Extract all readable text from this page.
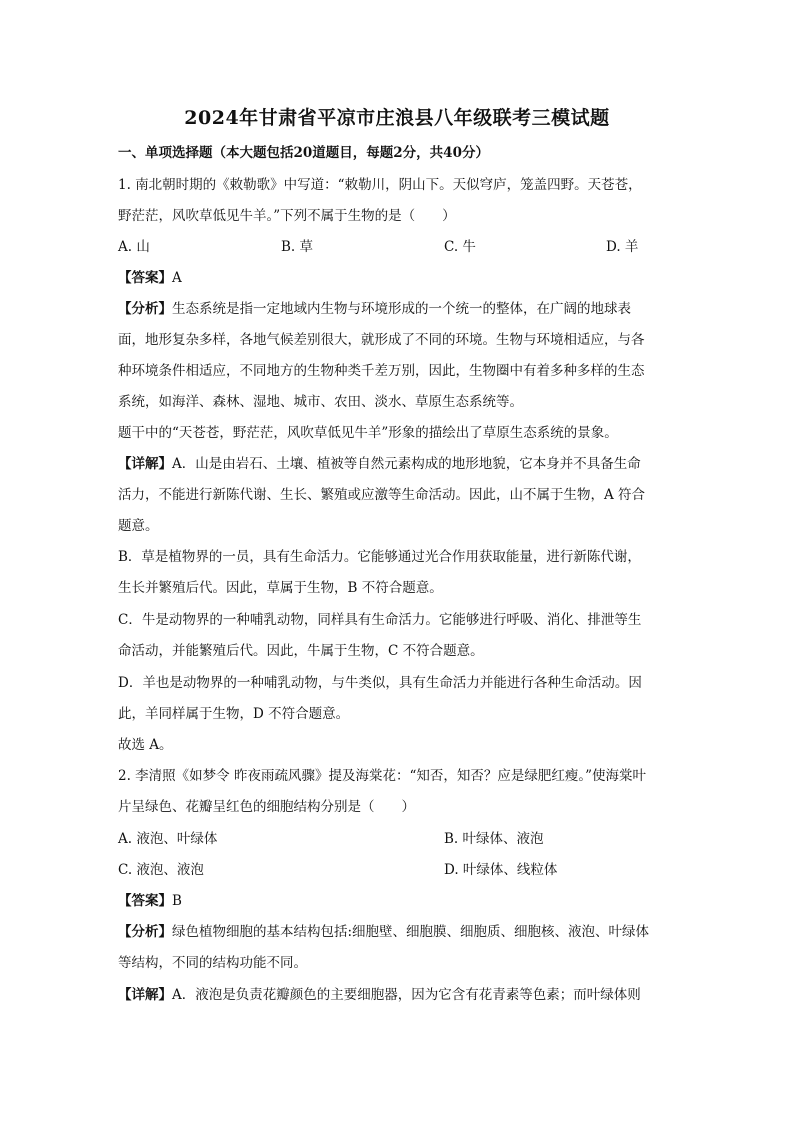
2024年甘肃省平凉市庄浪县八年级联考三模试题
一、单项选择题（本大题包括20道题目，每题2分，共40分）
1. 南北朝时期的《敕勒歌》中写道：“敕勒川，阴山下。天似穹庐，笼盖四野。天苍苍，
野茫茫，风吹草低见牛羊。”下列不属于生物的是（　　）
A. 山	B. 草	C. 牛	D. 羊
【答案】A
【分析】生态系统是指一定地域内生物与环境形成的一个统一的整体，在广阔的地球表
面，地形复杂多样，各地气候差别很大，就形成了不同的环境。生物与环境相适应，与各
种环境条件相适应，不同地方的生物种类千差万别，因此，生物圈中有着多种多样的生态
系统，如海洋、森林、湿地、城市、农田、淡水、草原生态系统等。
题干中的“天苍苍，野茫茫，风吹草低见牛羊”形象的描绘出了草原生态系统的景象。
【详解】A．山是由岩石、土壤、植被等自然元素构成的地形地貌，它本身并不具备生命
活力，不能进行新陈代谢、生长、繁殖或应激等生命活动。因此，山不属于生物，A 符合
题意。
B．草是植物界的一员，具有生命活力。它能够通过光合作用获取能量，进行新陈代谢，
生长并繁殖后代。因此，草属于生物，B 不符合题意。
C．牛是动物界的一种哺乳动物，同样具有生命活力。它能够进行呼吸、消化、排泄等生
命活动，并能繁殖后代。因此，牛属于生物，C 不符合题意。
D．羊也是动物界的一种哺乳动物，与牛类似，具有生命活力并能进行各种生命活动。因
此，羊同样属于生物，D 不符合题意。
故选 A。
2. 李清照《如梦令 昨夜雨疏风骤》提及海棠花：“知否，知否？应是绿肥红瘦。”使海棠叶
片呈绿色、花瓣呈红色的细胞结构分别是（　　）
A. 液泡、叶绿体	B. 叶绿体、液泡
C. 液泡、液泡	D. 叶绿体、线粒体
【答案】B
【分析】绿色植物细胞的基本结构包括:细胞壁、细胞膜、细胞质、细胞核、液泡、叶绿体
等结构，不同的结构功能不同。
【详解】A．液泡是负责花瓣颜色的主要细胞器，因为它含有花青素等色素；而叶绿体则
